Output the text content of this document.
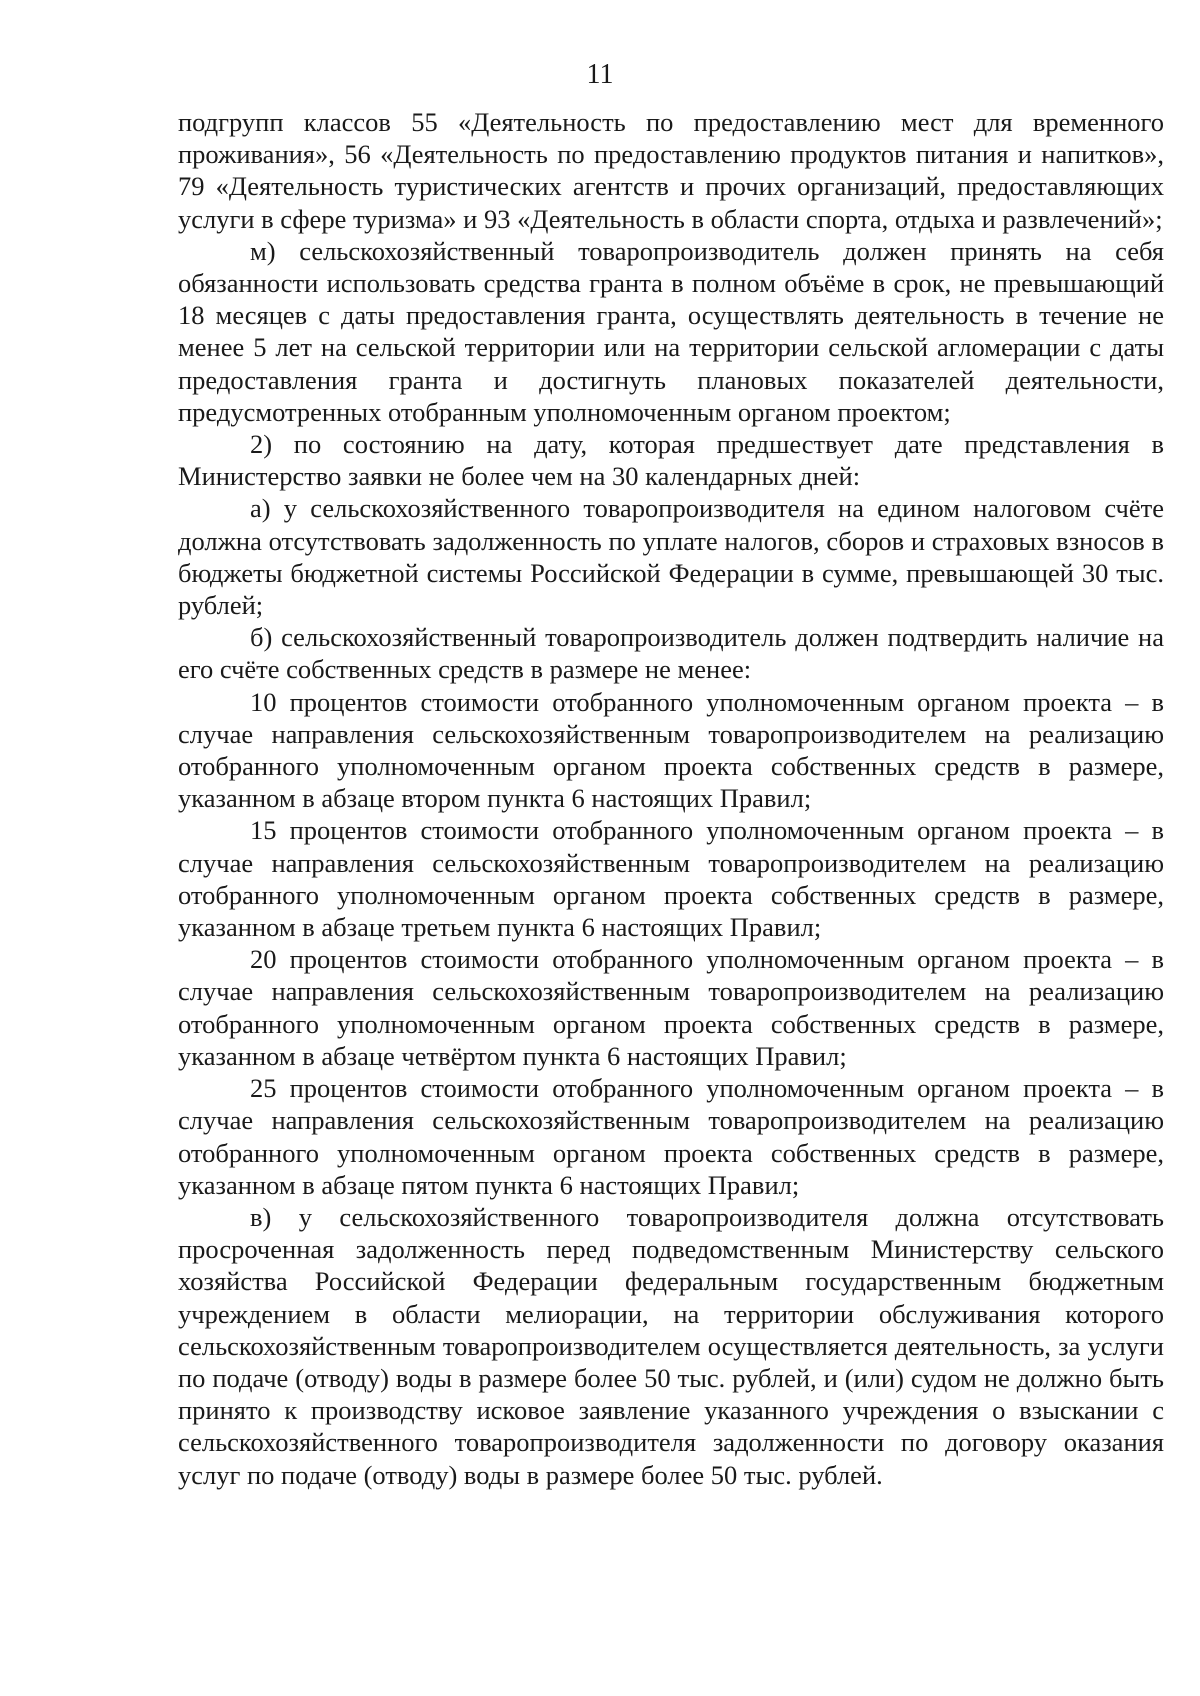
11

подгрупп классов 55 «Деятельность по предоставлению мест для временного проживания», 56 «Деятельность по предоставлению продуктов питания и напитков», 79 «Деятельность туристических агентств и прочих организаций, предоставляющих услуги в сфере туризма» и 93 «Деятельность в области спорта, отдыха и развлечений»;

м) сельскохозяйственный товаропроизводитель должен принять на себя обязанности использовать средства гранта в полном объёме в срок, не превышающий 18 месяцев с даты предоставления гранта, осуществлять деятельность в течение не менее 5 лет на сельской территории или на территории сельской агломерации с даты предоставления гранта и достигнуть плановых показателей деятельности, предусмотренных отобранным уполномоченным органом проектом;

2) по состоянию на дату, которая предшествует дате представления в Министерство заявки не более чем на 30 календарных дней:

а) у сельскохозяйственного товаропроизводителя на едином налоговом счёте должна отсутствовать задолженность по уплате налогов, сборов и страховых взносов в бюджеты бюджетной системы Российской Федерации в сумме, превышающей 30 тыс. рублей;

б) сельскохозяйственный товаропроизводитель должен подтвердить наличие на его счёте собственных средств в размере не менее:

10 процентов стоимости отобранного уполномоченным органом проекта – в случае направления сельскохозяйственным товаропроизводителем на реализацию отобранного уполномоченным органом проекта собственных средств в размере, указанном в абзаце втором пункта 6 настоящих Правил;

15 процентов стоимости отобранного уполномоченным органом проекта – в случае направления сельскохозяйственным товаропроизводителем на реализацию отобранного уполномоченным органом проекта собственных средств в размере, указанном в абзаце третьем пункта 6 настоящих Правил;

20 процентов стоимости отобранного уполномоченным органом проекта – в случае направления сельскохозяйственным товаропроизводителем на реализацию отобранного уполномоченным органом проекта собственных средств в размере, указанном в абзаце четвёртом пункта 6 настоящих Правил;

25 процентов стоимости отобранного уполномоченным органом проекта – в случае направления сельскохозяйственным товаропроизводителем на реализацию отобранного уполномоченным органом проекта собственных средств в размере, указанном в абзаце пятом пункта 6 настоящих Правил;

в) у сельскохозяйственного товаропроизводителя должна отсутствовать просроченная задолженность перед подведомственным Министерству сельского хозяйства Российской Федерации федеральным государственным бюджетным учреждением в области мелиорации, на территории обслуживания которого сельскохозяйственным товаропроизводителем осуществляется деятельность, за услуги по подаче (отводу) воды в размере более 50 тыс. рублей, и (или) судом не должно быть принято к производству исковое заявление указанного учреждения о взыскании с сельскохозяйственного товаропроизводителя задолженности по договору оказания услуг по подаче (отводу) воды в размере более 50 тыс. рублей.
